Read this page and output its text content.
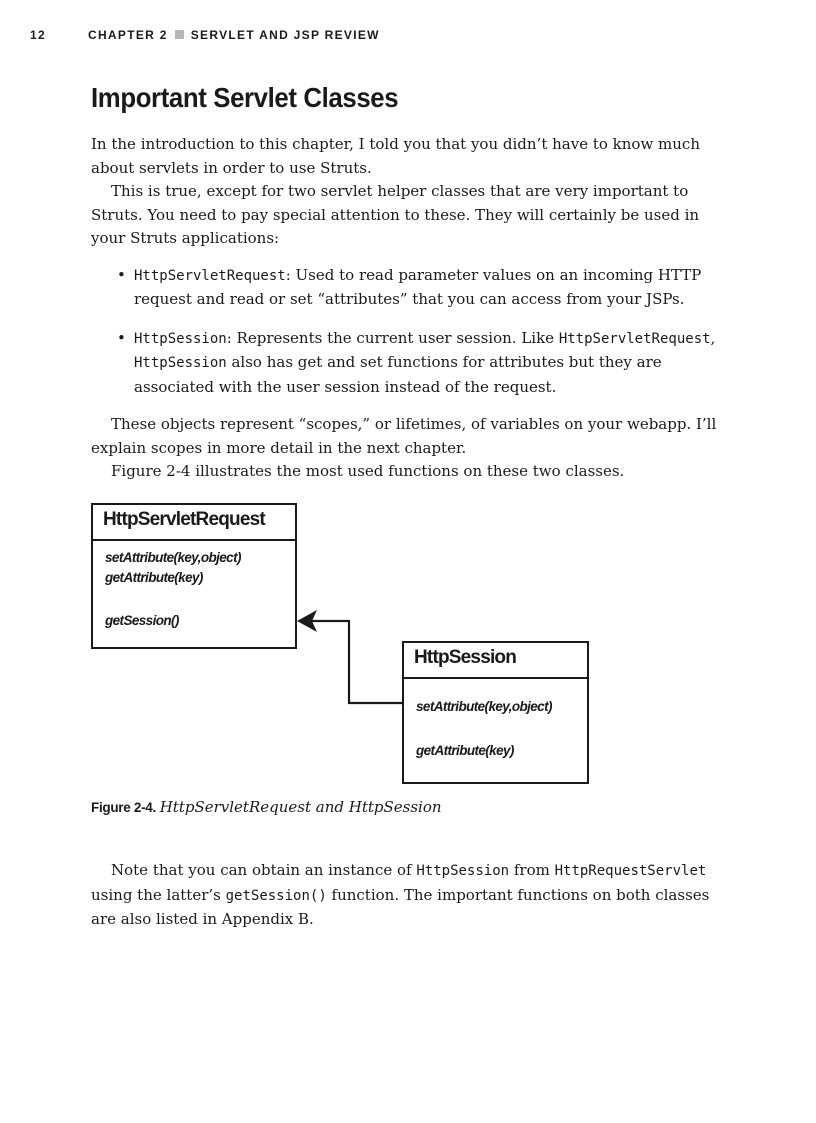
12	CHAPTER 2 SERVLET AND JSP REVIEW
Important Servlet Classes

In the introduction to this chapter, I told you that you didn’t have to know much about servlets in order to use Struts.

This is true, except for two servlet helper classes that are very important to Struts. You need to pay special attention to these. They will certainly be used in your Struts applications:

• HttpServletRequest: Used to read parameter values on an incoming HTTP request and read or set “attributes” that you can access from your JSPs.
• HttpSession: Represents the current user session. Like HttpServletRequest, HttpSession also has get and set functions for attributes but they are associated with the user session instead of the request.

These objects represent “scopes,” or lifetimes, of variables on your webapp. I’ll explain scopes in more detail in the next chapter.

Figure 2-4 illustrates the most used functions on these two classes.

HttpServletRequest
setAttribute(key,object)
getAttribute(key)
getSession()
HttpSession
setAttribute(key,object)
getAttribute(key)
Figure 2-4. HttpServletRequest and HttpSession

Note that you can obtain an instance of HttpSession from HttpRequestServlet using the latter’s getSession() function. The important functions on both classes are also listed in Appendix B.
